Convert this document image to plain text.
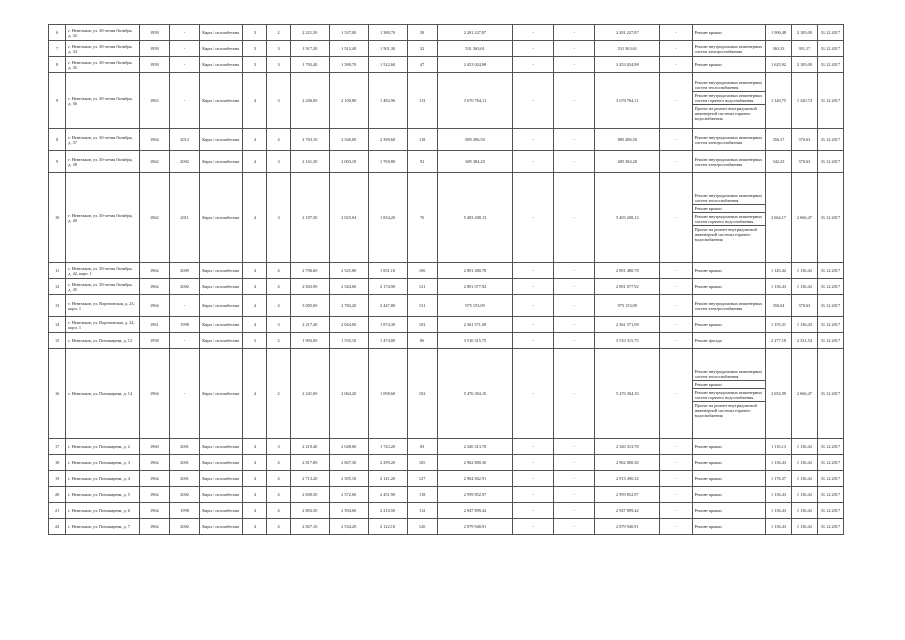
6	г. Невельков, ул. 30-летия Октября, д. 32	1958	-	Кирп./ сплошбетона	3	2	2 221,50	1 537,00	1 380,70	39	2 281 227,87	-	-	2 281 227,87	-	Ремонт крыши	1 906,48	2 185,00	31.12.2017
7	г. Невельков, ул. 30-летия Октября, д. 34	1958	-	Кирп./ сплошбетона	3	3	1 917,30	1 512,40	1 501,30	32	531 363,61	-	-	531 363,61	-	Ремонт внутридомовых инженерных систем электроснабжения	363,33	391,17	31.12.2017
8	г. Невельков, ул. 30-летия Октября, д. 35	1958	-	Кирп./ сплошбетона	3	3	1 792,40	1 580,70	1 522,60	47	2 453 024,98	-	-	2 453 024,98	-	Ремонт крыши	1 625,92	2 185,00	31.12.2017
9	г. Невельков, ул. 30-летия Октября, д. 36	1963	-	Кирп./ сплошбетона	4	3	2 206,00	2 100,80	1 482,96	113	3 670 764,11	-	-	3 670 764,11	-	Ремонт внутридомовых инженерных систем теплоснабжения
Ремонт внутридомовых инженерных систем горячего водоснабжения
Проект на ремонт внутридомовой инженерной системы горячего водоснабжения	1 320,75	1 320,74	31.12.2017
8	г. Невельков, ул. 30-летия Октября, д. 37	1964	2012	Кирп./ сплошбетона	4	4	2 763,10	2 540,00	2 399,60	118	885 286,50	-	-	885 286,50	-	Ремонт внутридомовых инженерных систем электроснабжения	356,37	370,63	31.12.2017
9	г. Невельков, ул. 30-летия Октября, д. 38	1962	2002	Кирп./ сплошбетона	4	3	2 161,30	2 003,10	1 769,80	92	685 384,20	-	-	685 384,20	-	Ремонт внутридомовых инженерных систем электроснабжения	342,23	370,63	31.12.2017
10	г. Невельков, ул. 30-летия Октября, д. 40	1962	2011	Кирп./ сплошбетона	4	3	2 187,50	2 025,04	1 834,20	76	5 403 208,13	-	-	5 403 208,13	-	Ремонт внутридомовых инженерных систем теплоснабжения
Ремонт крыши
Ремонт внутридомовых инженерных систем горячего водоснабжения
Проект на ремонт внутридомовой инженерной системы горячего водоснабжения	2 664,17	2 666,47	31.12.2017
11	г. Невельков, ул. 30-летия Октября, д. 42, корп. 1	1962	2009	Кирп./ сплошбетона	4	4	2 706,60	2 525,80	1 831,10	106	2 891 480,78	-	-	2 891 480,78	-	Ремонт крыши	1 145,42	1 136,43	31.12.2017
12	г. Невельков, ул. 30-летия Октября, д. 45	1962	2002	Кирп./ сплошбетона	4	4	2 843,90	2 544,00	2 174,90	121	2 891 077,92	-	-	2 891 077,92	-	Ремонт крыши	1 136,43	1 136,43	31.12.2017
13	г. Невельков, ул. Вороновская, д. 23, корп. 1	1964	-	Кирп./ сплошбетона	4	4	3 005,00	2 782,20	2 447,80	131	975 153,09	-	-	975 153,09	-	Ремонт внутридомовых инженерных систем электроснабжения	350,04	370,63	31.12.2017
14	г. Невельков, ул. Вороновская, д. 24, корп. 1	1961	1998	Кирп./ сплошбетона	4	3	2 217,40	2 044,00	1 874,30	102	2 361 571,08	-	-	2 361 571,08	-	Ремонт крыши	1 155,31	1 136,43	31.12.2017
15	г. Невельков, ул. Пономарева, д. 12	1958	-	Кирп./ сплошбетона	3	2	1 903,00	1 535,10	1 474,80	86	3 510 315,75	-	-	3 510 315,75	-	Ремонт фасада	2 277,18	2 331,54	31.12.2017
16	г. Невельков, ул. Пономарева, д. 14	1964	-	Кирп./ сплошбетона	4	2	2 241,00	2 064,20	1 098,60	102	5 476 304,10	-	-	5 476 304,10	-	Ремонт внутридомовых инженерных систем теплоснабжения
Ремонт крыши
Ремонт внутридомовых инженерных систем горячего водоснабжения
Проект на ремонт внутридомовой инженерной системы горячего водоснабжения	2 652,99	2 666,47	31.12.2017
17	г. Невельков, ул. Пономарева, д. 2	1960	2001	Кирп./ сплошбетона	4	3	2 210,40	2 048,06	1 743,20	83	2 320 313,78	-	-	2 320 313,78	-	Ремонт крыши	1 116,13	1 136,43	31.12.2017
18	г. Невельков, ул. Пономарева, д. 3	1962	2001	Кирп./ сплошбетона	4	4	2 817,80	2 607,30	2 299,20	105	2 962 800,30	-	-	2 962 800,30	-	Ремонт крыши	1 136,43	1 136,43	31.12.2017
19	г. Невельков, ул. Пономарева, д. 4	1964	2001	Кирп./ сплошбетона	4	4	2 713,20	2 505,10	2 141,20	127	2 904 602,91	-	-	2 913 490,32	-	Ремонт крыши	1 176,37	1 136,43	31.12.2017
20	г. Невельков, ул. Пономарева, д. 5	1962	2002	Кирп./ сплошбетона	4	4	2 849,50	2 572,00	2 451,90	118	2 959 852,97	-	-	2 959 852,97	-	Ремонт крыши	1 136,43	1 136,43	31.12.2017
21	г. Невельков, ул. Пономарева, д. 6	1964	1998	Кирп./ сплошбетона	4	4	2 803,50	2 594,00	2 210,50	112	2 947 899,42	-	-	2 947 899,42	-	Ремонт крыши	1 136,43	1 136,43	31.12.2017
22	г. Невельков, ул. Пономарева, д. 7	1962	2002	Кирп./ сплошбетона	4	4	2 827,10	2 534,20	2 122,10	120	2 879 940,91	-	-	2 879 940,91	-	Ремонт крыши	1 136,43	1 136,43	31.12.2017
